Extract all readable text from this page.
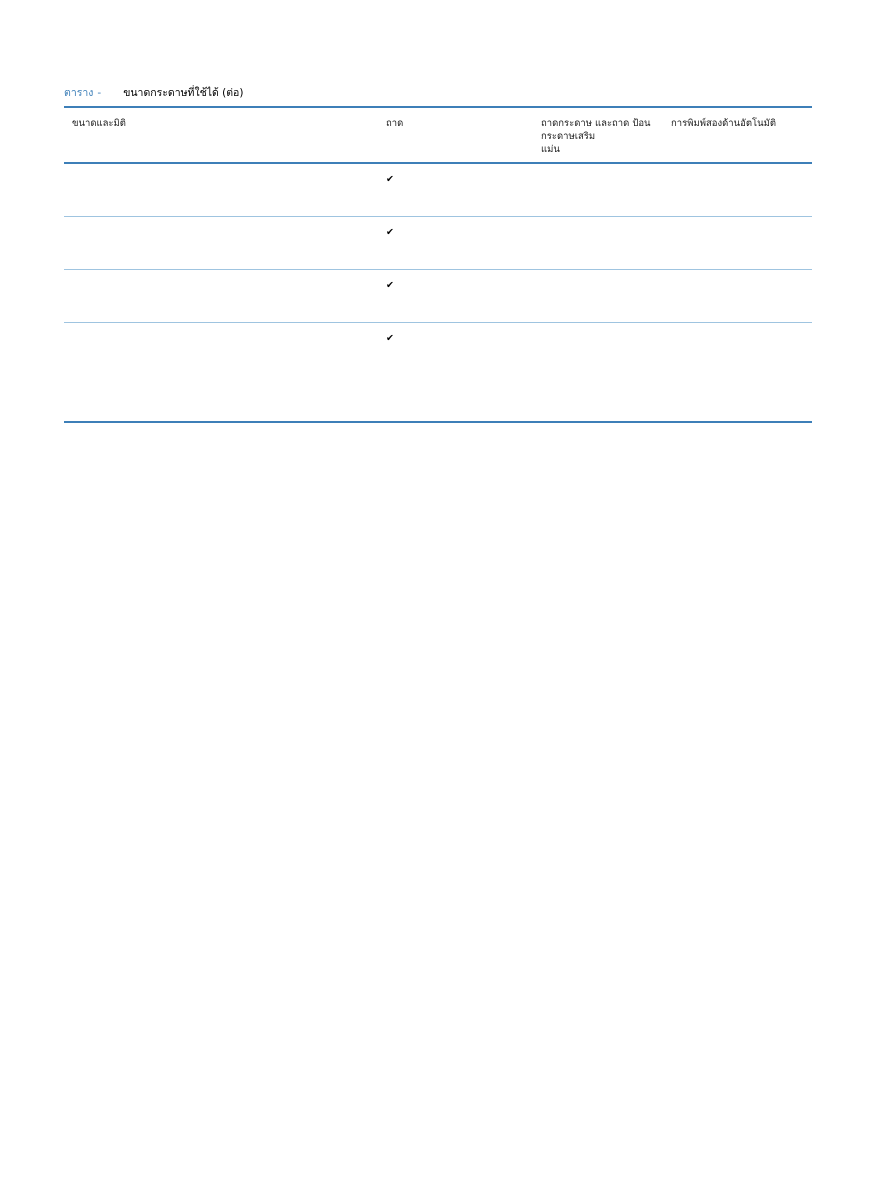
ตาราง - ขนาดกระดาษที่ใช้ได้ (ต่อ)
ขนาดและมิติ	ถาด	ถาดกระดาษ และถาด ป้อนกระดาษเสริม
แม่น
การพิมพ์สองด้านอัตโนมัติ
✔
✔
✔
✔
